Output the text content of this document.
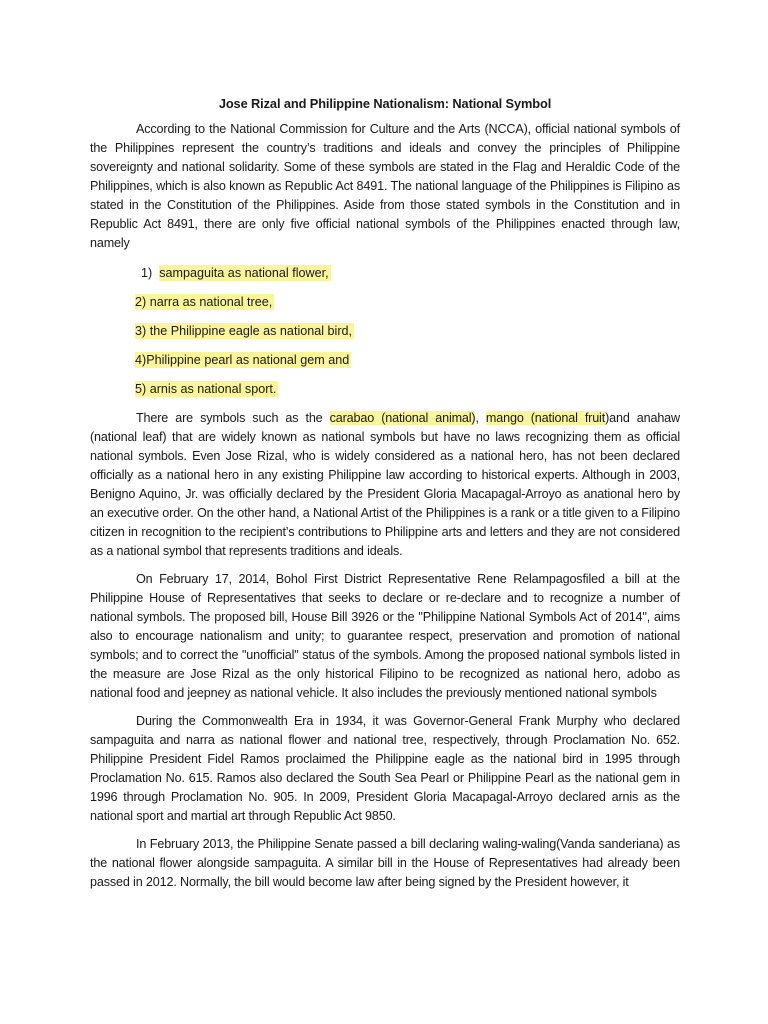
Jose Rizal and Philippine Nationalism: National Symbol

According to the National Commission for Culture and the Arts (NCCA), official national symbols of the Philippines represent the country’s traditions and ideals and convey the principles of Philippine sovereignty and national solidarity. Some of these symbols are stated in the Flag and Heraldic Code of the Philippines, which is also known as Republic Act 8491. The national language of the Philippines is Filipino as stated in the Constitution of the Philippines. Aside from those stated symbols in the Constitution and in Republic Act 8491, there are only five official national symbols of the Philippines enacted through law, namely

1) sampaguita as national flower,
2) narra as national tree,
3) the Philippine eagle as national bird,
4)Philippine pearl as national gem and
5) arnis as national sport.

There are symbols such as the carabao (national animal), mango (national fruit)and anahaw (national leaf) that are widely known as national symbols but have no laws recognizing them as official national symbols. Even Jose Rizal, who is widely considered as a national hero, has not been declared officially as a national hero in any existing Philippine law according to historical experts. Although in 2003, Benigno Aquino, Jr. was officially declared by the President Gloria Macapagal-Arroyo as anational hero by an executive order. On the other hand, a National Artist of the Philippines is a rank or a title given to a Filipino citizen in recognition to the recipient’s contributions to Philippine arts and letters and they are not considered as a national symbol that represents traditions and ideals.

On February 17, 2014, Bohol First District Representative Rene Relampagosfiled a bill at the Philippine House of Representatives that seeks to declare or re-declare and to recognize a number of national symbols. The proposed bill, House Bill 3926 or the "Philippine National Symbols Act of 2014", aims also to encourage nationalism and unity; to guarantee respect, preservation and promotion of national symbols; and to correct the "unofficial" status of the symbols. Among the proposed national symbols listed in the measure are Jose Rizal as the only historical Filipino to be recognized as national hero, adobo as national food and jeepney as national vehicle. It also includes the previously mentioned national symbols

During the Commonwealth Era in 1934, it was Governor-General Frank Murphy who declared sampaguita and narra as national flower and national tree, respectively, through Proclamation No. 652. Philippine President Fidel Ramos proclaimed the Philippine eagle as the national bird in 1995 through Proclamation No. 615. Ramos also declared the South Sea Pearl or Philippine Pearl as the national gem in 1996 through Proclamation No. 905. In 2009, President Gloria Macapagal-Arroyo declared arnis as the national sport and martial art through Republic Act 9850.

In February 2013, the Philippine Senate passed a bill declaring waling-waling(Vanda sanderiana) as the national flower alongside sampaguita. A similar bill in the House of Representatives had already been passed in 2012. Normally, the bill would become law after being signed by the President however, it
